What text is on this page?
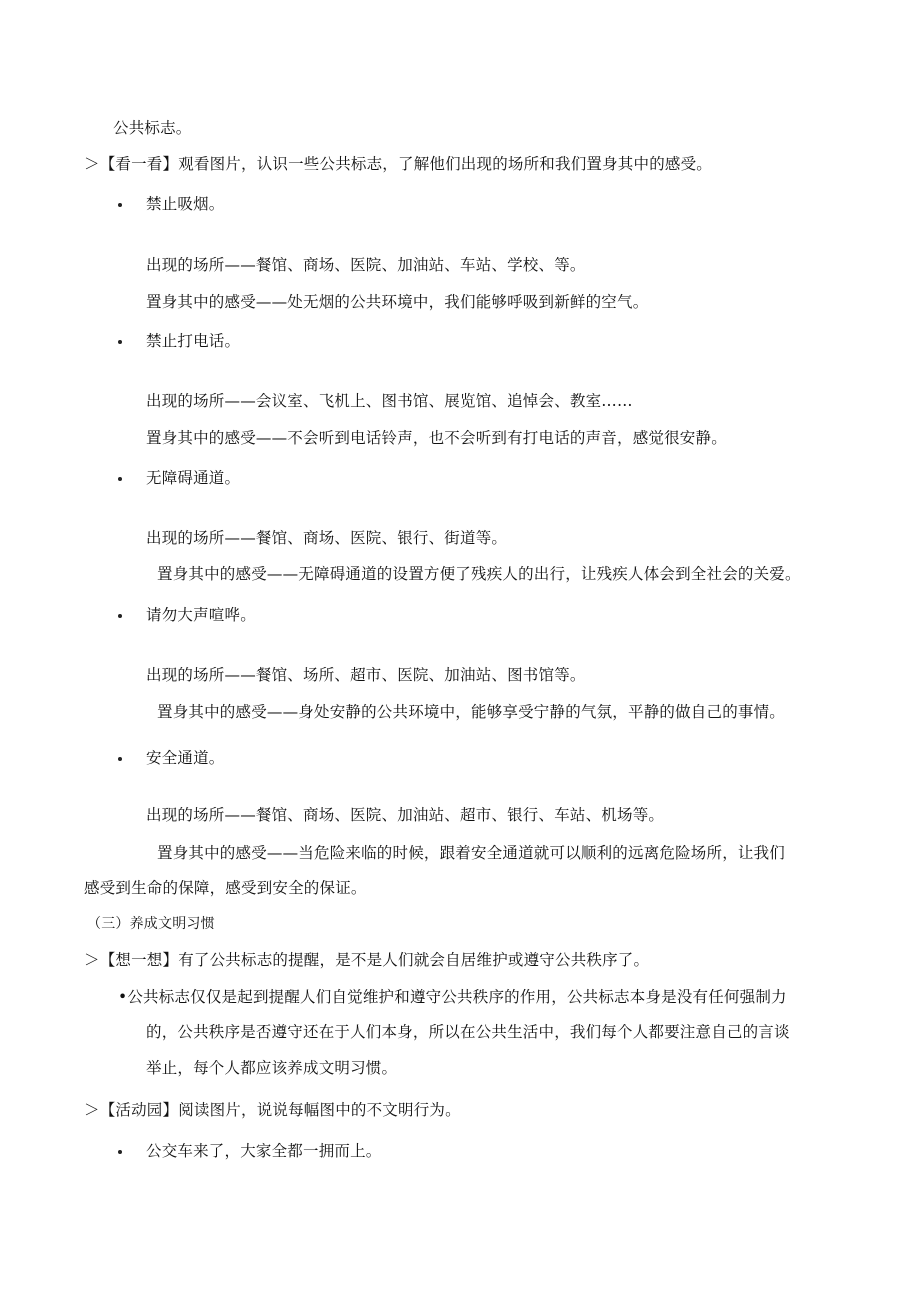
公共标志。
＞【看一看】观看图片，认识一些公共标志，了解他们出现的场所和我们置身其中的感受。
禁止吸烟。
出现的场所——餐馆、商场、医院、加油站、车站、学校、等。
置身其中的感受——处无烟的公共环境中，我们能够呼吸到新鲜的空气。
禁止打电话。
出现的场所——会议室、飞机上、图书馆、展览馆、追悼会、教室……
置身其中的感受——不会听到电话铃声，也不会听到有打电话的声音，感觉很安静。
无障碍通道。
出现的场所——餐馆、商场、医院、银行、街道等。
置身其中的感受——无障碍通道的设置方便了残疾人的出行，让残疾人体会到全社会的关爱。
请勿大声喧哗。
出现的场所——餐馆、场所、超市、医院、加油站、图书馆等。
置身其中的感受——身处安静的公共环境中，能够享受宁静的气氛，平静的做自己的事情。
安全通道。
出现的场所——餐馆、商场、医院、加油站、超市、银行、车站、机场等。
置身其中的感受——当危险来临的时候，跟着安全通道就可以顺利的远离危险场所，让我们
感受到生命的保障，感受到安全的保证。
（三）养成文明习惯
＞【想一想】有了公共标志的提醒，是不是人们就会自居维护或遵守公共秩序了。
•公共标志仅仅是起到提醒人们自觉维护和遵守公共秩序的作用，公共标志本身是没有任何强制力
的，公共秩序是否遵守还在于人们本身，所以在公共生活中，我们每个人都要注意自己的言谈
举止，每个人都应该养成文明习惯。
＞【活动园】阅读图片，说说每幅图中的不文明行为。
公交车来了，大家全都一拥而上。
